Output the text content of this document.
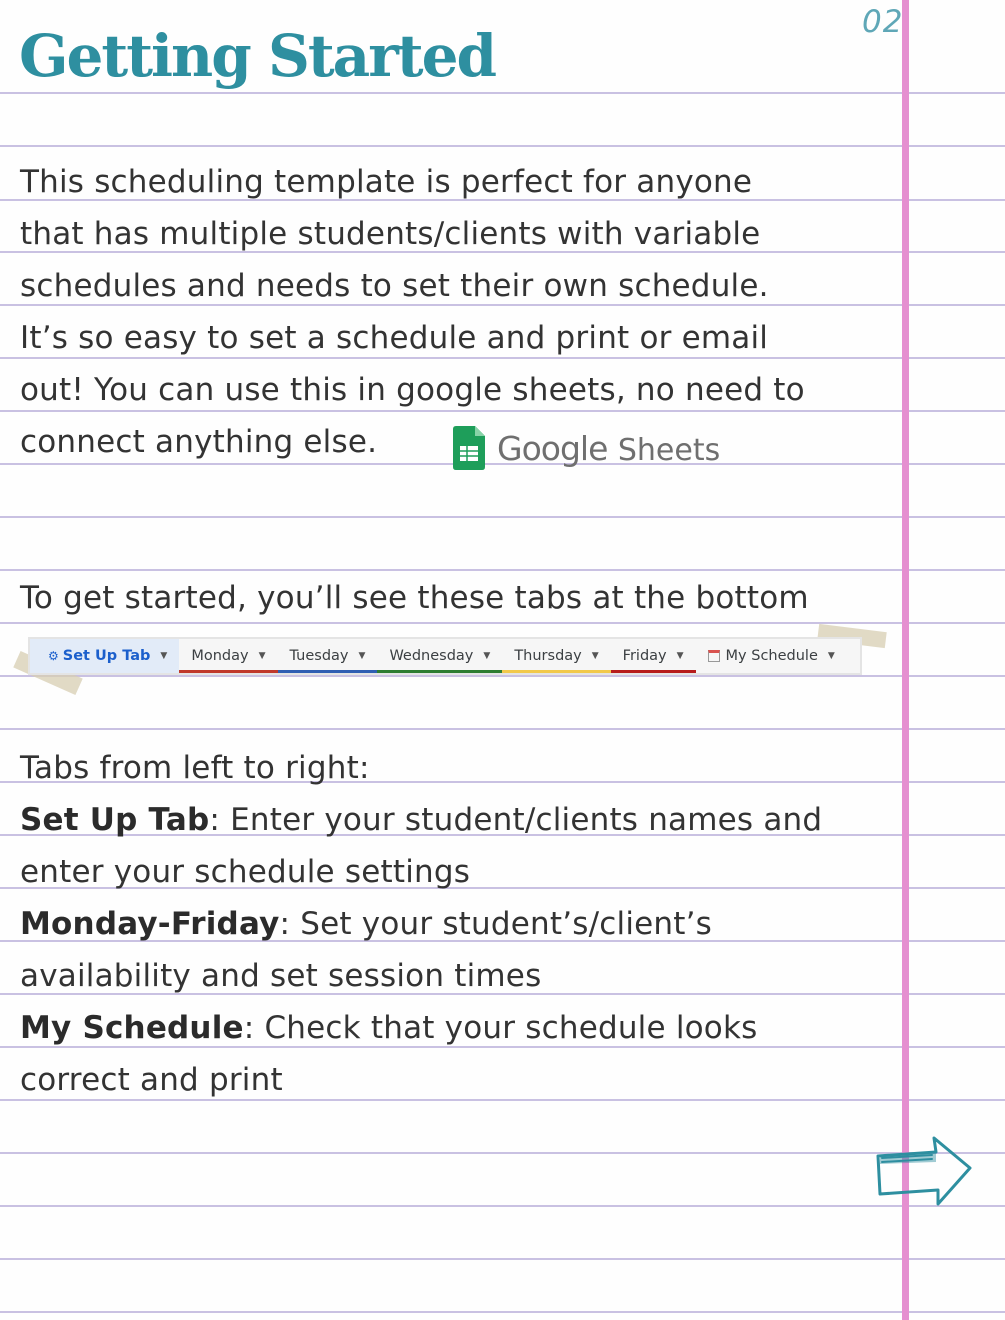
02
Getting Started
This scheduling template is perfect for anyone
that has multiple students/clients with variable
schedules and needs to set their own schedule.
It’s so easy to set a schedule and print or email
out! You can use this in google sheets, no need to
connect anything else.	Google Sheets
To get started, you’ll see these tabs at the bottom
⚙ Set Up Tab ▼ Monday ▼ Tuesday ▼ Wednesday ▼ Thursday ▼ Friday ▼	My Schedule ▼
Tabs from left to right:
Set Up Tab: Enter your student/clients names and
enter your schedule settings
Monday-Friday: Set your student’s/client’s
availability and set session times
My Schedule: Check that your schedule looks
correct and print
